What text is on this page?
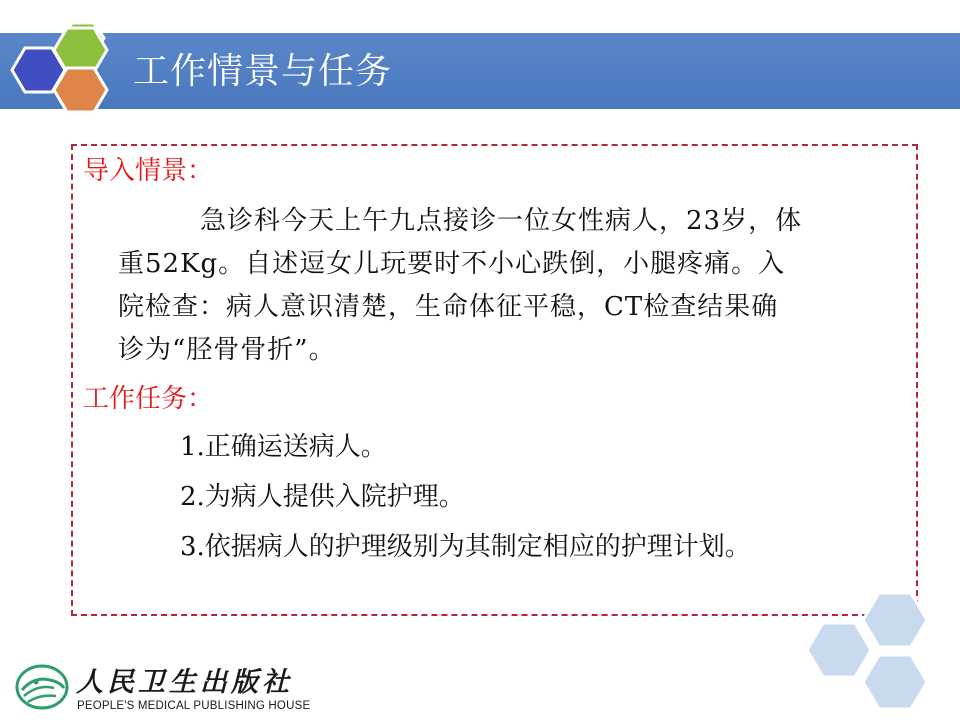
工作情景与任务
导入情景：
急诊科今天上午九点接诊一位女性病人，23岁，体
重52Kg。自述逗女儿玩要时不小心跌倒，小腿疼痛。入
院检查：病人意识清楚，生命体征平稳，CT检查结果确
诊为“胫骨骨折”。
工作任务：
1.正确运送病人。
2.为病人提供入院护理。
3.依据病人的护理级别为其制定相应的护理计划。
人民卫生出版社
PEOPLE'S MEDICAL PUBLISHING HOUSE
